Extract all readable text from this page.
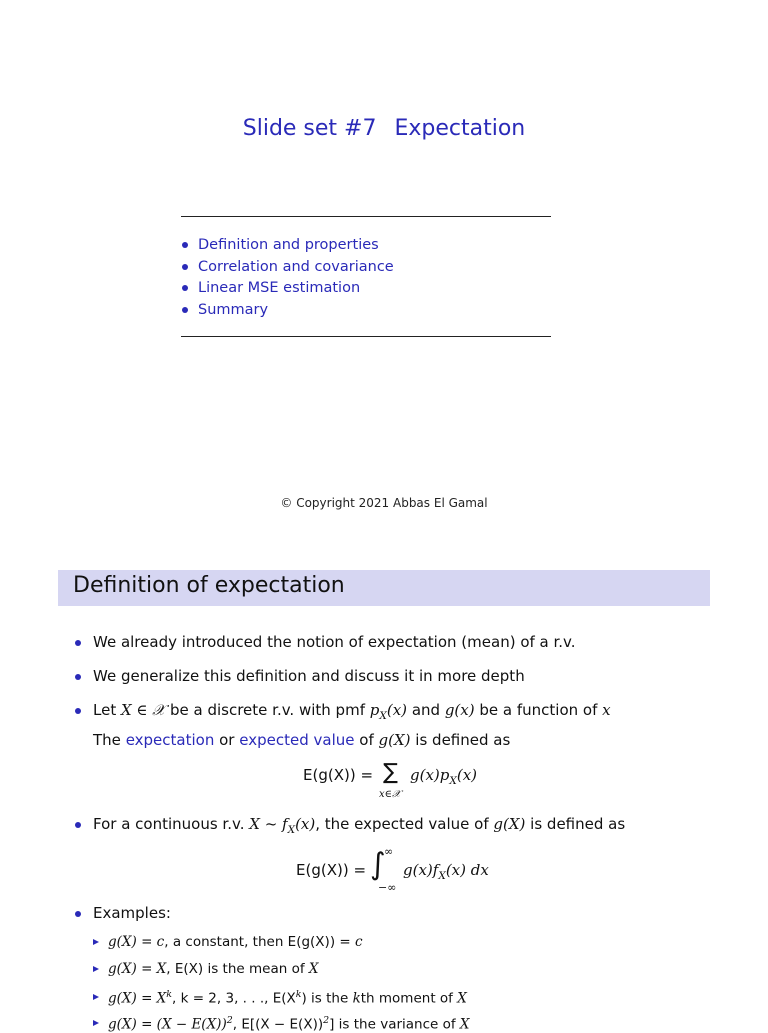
Slide set #7 Expectation
Definition and properties
Correlation and covariance
Linear MSE estimation
Summary
© Copyright 2021 Abbas El Gamal
Definition of expectation
We already introduced the notion of expectation (mean) of a r.v.
We generalize this definition and discuss it in more depth
Let X ∈ 𝒳 be a discrete r.v. with pmf $p_X(x)$ and g(x) be a function of x
The expectation or expected value of g(X) is defined as
E(g(X)) = ∑
x∈𝒳
$g(x)p_X(x)$
For a continuous r.v. X ~ $f_X(x)$, the expected value of g(X) is defined as
E(g(X)) = ∫
∞
−∞
$g(x)f_X(x)$ dx
Examples:
g(X) = c, a constant, then E(g(X)) = c
g(X) = X, E(X) is the mean of X
$g(X) = X^k$, k = 2, 3, . . ., $E(X^k)$ is the kth moment of X
$g(X) = (X - E(X))^2$, $E[(X - E(X))^2]$ is the variance of X
